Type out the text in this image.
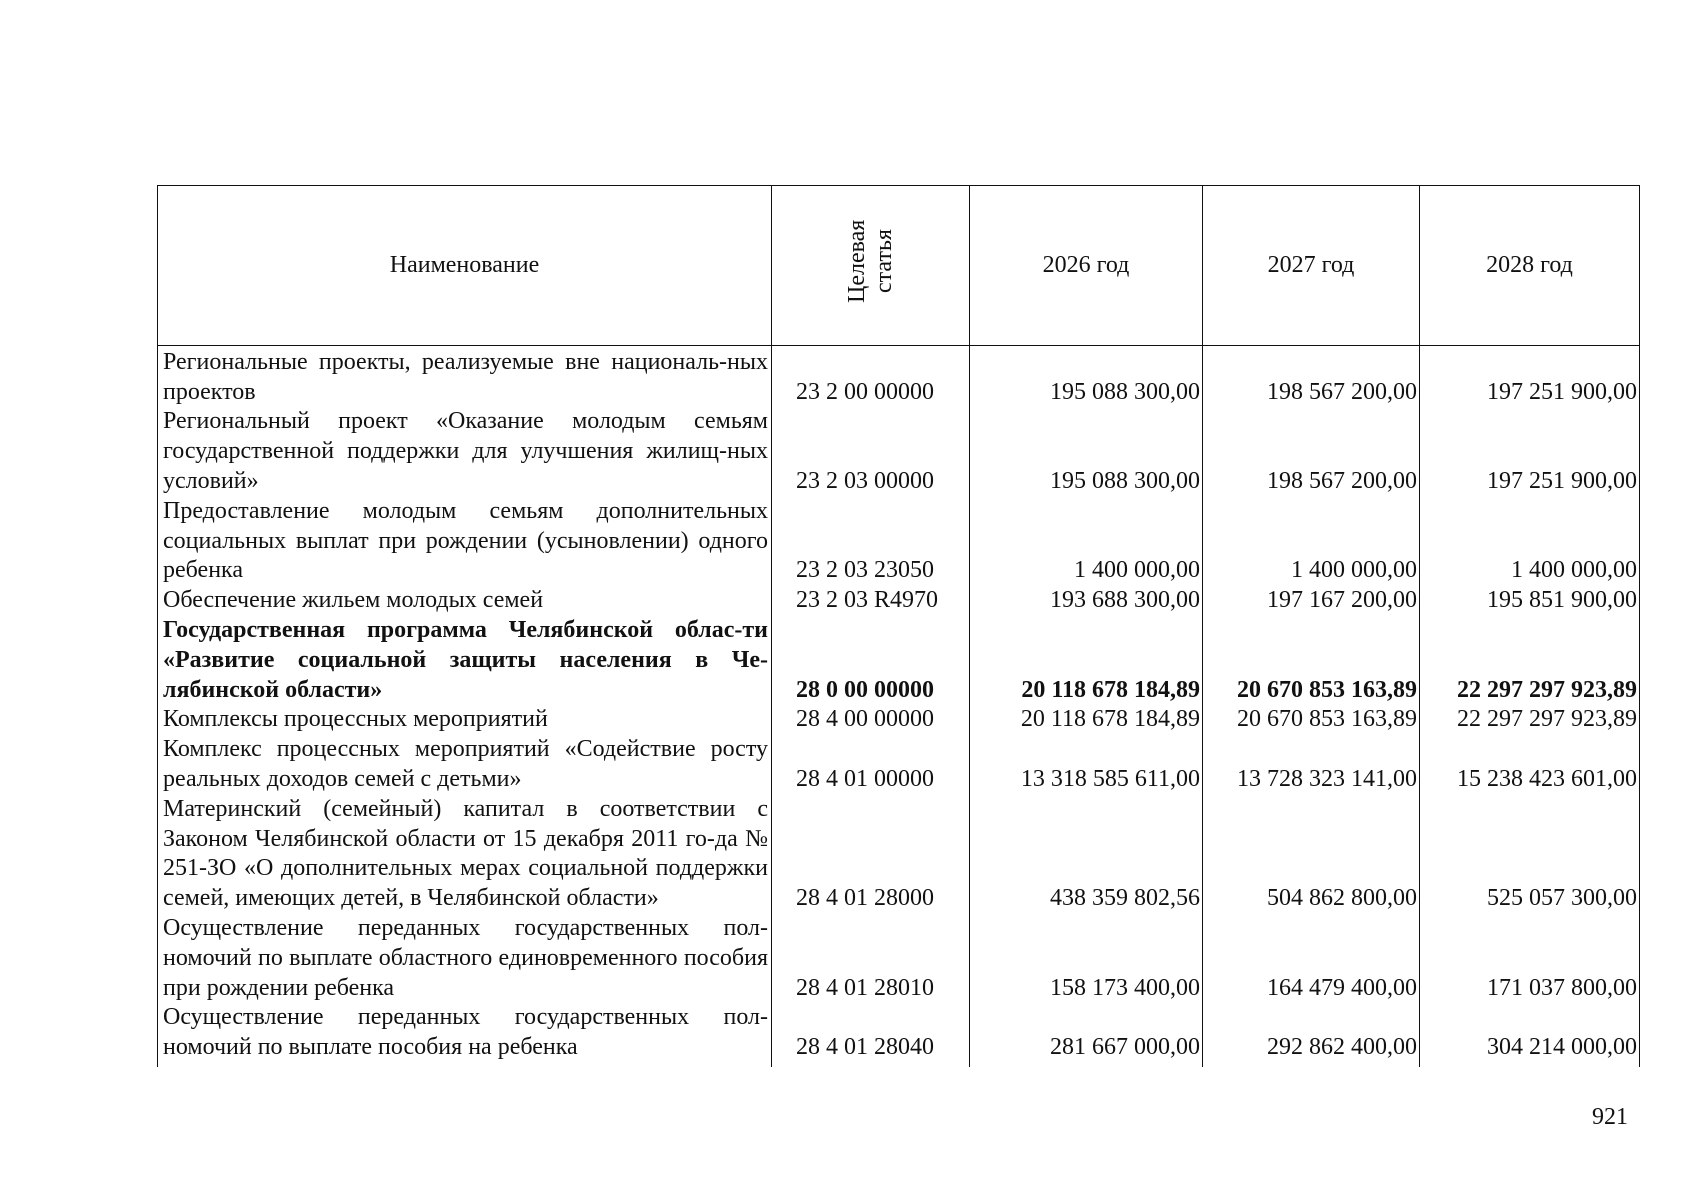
Наименование	Целевая статья	2026 год	2027 год	2028 год
Региональные проекты, реализуемые вне националь-ных проектов	23 2 00 00000	195 088 300,00	198 567 200,00	197 251 900,00
Региональный проект «Оказание молодым семьям государственной поддержки для улучшения жилищ-ных условий»	23 2 03 00000	195 088 300,00	198 567 200,00	197 251 900,00
Предоставление молодым семьям дополнительных социальных выплат при рождении (усыновлении) одного ребенка	23 2 03 23050	1 400 000,00	1 400 000,00	1 400 000,00
Обеспечение жильем молодых семей	23 2 03 R4970	193 688 300,00	197 167 200,00	195 851 900,00
Государственная программа Челябинской облас-ти «Развитие социальной защиты населения в Че-лябинской области»	28 0 00 00000	20 118 678 184,89	20 670 853 163,89	22 297 297 923,89
Комплексы процессных мероприятий	28 4 00 00000	20 118 678 184,89	20 670 853 163,89	22 297 297 923,89
Комплекс процессных мероприятий «Содействие росту реальных доходов семей с детьми»	28 4 01 00000	13 318 585 611,00	13 728 323 141,00	15 238 423 601,00
Материнский (семейный) капитал в соответствии с Законом Челябинской области от 15 декабря 2011 го-да № 251-ЗО «О дополнительных мерах социальной поддержки семей, имеющих детей, в Челябинской области»	28 4 01 28000	438 359 802,56	504 862 800,00	525 057 300,00
Осуществление переданных государственных пол-номочий по выплате областного единовременного пособия при рождении ребенка	28 4 01 28010	158 173 400,00	164 479 400,00	171 037 800,00
Осуществление переданных государственных пол-номочий по выплате пособия на ребенка	28 4 01 28040	281 667 000,00	292 862 400,00	304 214 000,00
921
